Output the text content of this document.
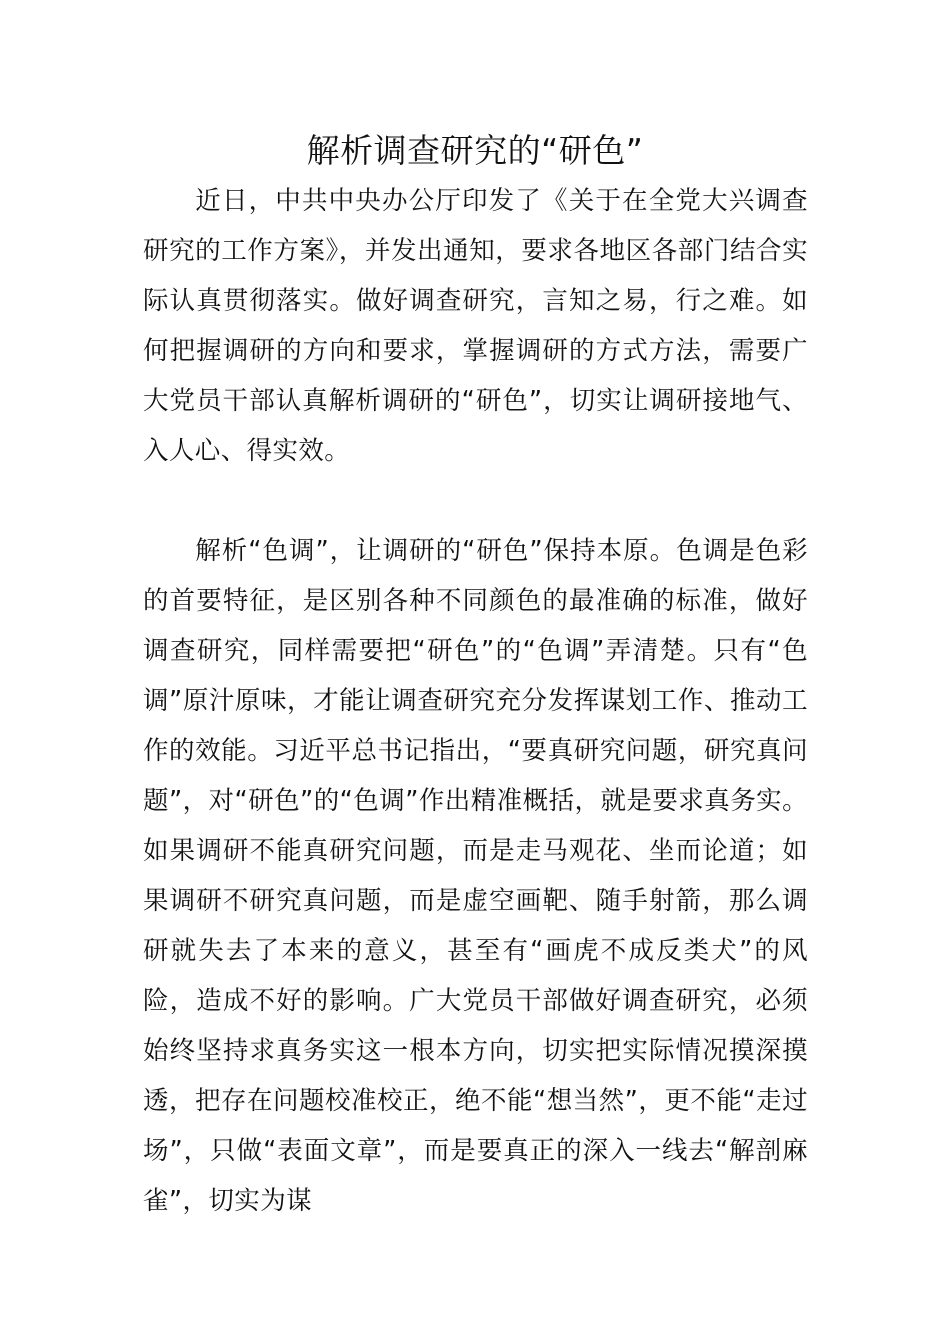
解析调查研究的“研色”

近日，中共中央办公厅印发了《关于在全党大兴调查研究的工作方案》，并发出通知，要求各地区各部门结合实际认真贯彻落实。做好调查研究，言知之易，行之难。如何把握调研的方向和要求，掌握调研的方式方法，需要广大党员干部认真解析调研的“研色”，切实让调研接地气、入人心、得实效。

解析“色调”，让调研的“研色”保持本原。色调是色彩的首要特征，是区别各种不同颜色的最准确的标准，做好调查研究，同样需要把“研色”的“色调”弄清楚。只有“色调”原汁原味，才能让调查研究充分发挥谋划工作、推动工作的效能。习近平总书记指出，“要真研究问题，研究真问题”，对“研色”的“色调”作出精准概括，就是要求真务实。如果调研不能真研究问题，而是走马观花、坐而论道；如果调研不研究真问题，而是虚空画靶、随手射箭，那么调研就失去了本来的意义，甚至有“画虎不成反类犬”的风险，造成不好的影响。广大党员干部做好调查研究，必须始终坚持求真务实这一根本方向，切实把实际情况摸深摸透，把存在问题校准校正，绝不能“想当然”，更不能“走过场”，只做“表面文章”，而是要真正的深入一线去“解剖麻雀”，切实为谋
